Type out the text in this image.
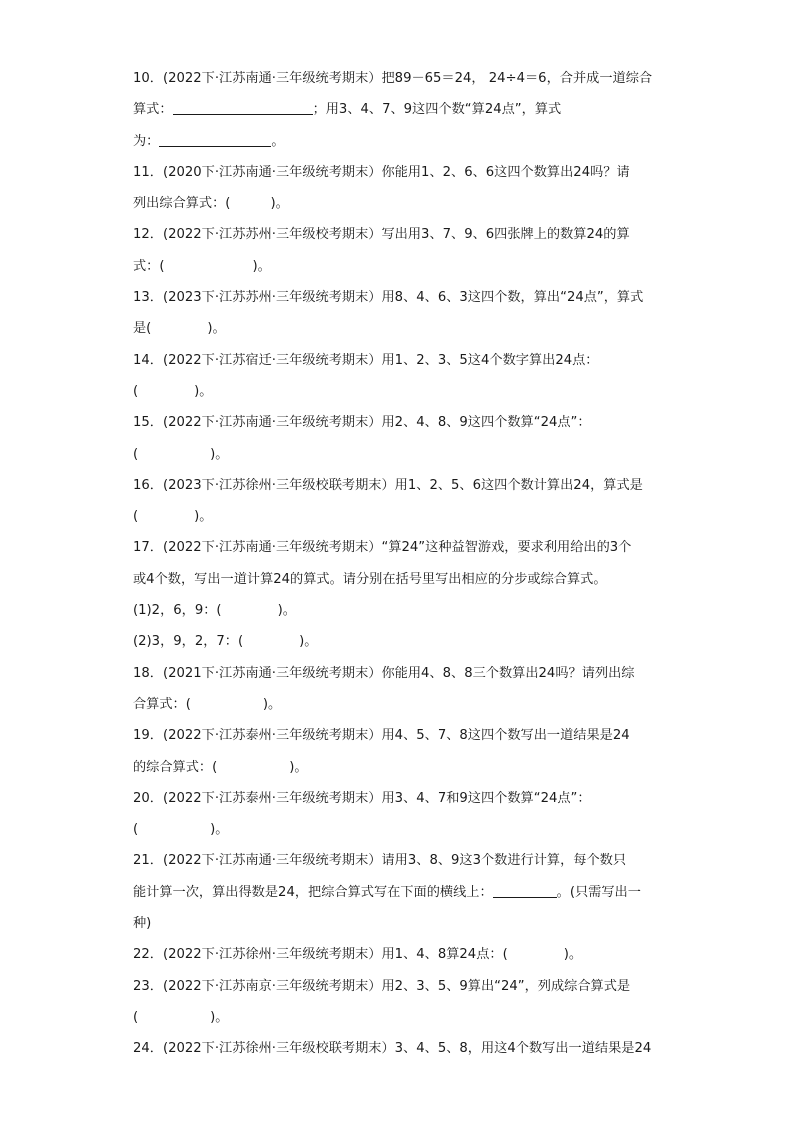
10．(2022下·江苏南通·三年级统考期末）把89－65＝24， 24÷4＝6，合并成一道综合
算式：	；用3、4、7、9这四个数“算24点”，算式
为：	。
11．(2020下·江苏南通·三年级统考期末）你能用1、2、6、6这四个数算出24吗？请
列出综合算式：(	)。
12．(2022下·江苏苏州·三年级校考期末）写出用3、7、9、6四张牌上的数算24的算
式：(	)。
13．(2023下·江苏苏州·三年级统考期末）用8、4、6、3这四个数，算出“24点”，算式
是(	)。
14．(2022下·江苏宿迁·三年级统考期末）用1、2、3、5这4个数字算出24点：
(	)。
15．(2022下·江苏南通·三年级统考期末）用2、4、8、9这四个数算“24点”：
(	)。
16．(2023下·江苏徐州·三年级校联考期末）用1、2、5、6这四个数计算出24，算式是
(	)。
17．(2022下·江苏南通·三年级统考期末）“算24”这种益智游戏，要求利用给出的3个
或4个数，写出一道计算24的算式。请分别在括号里写出相应的分步或综合算式。
(1)2，6，9：(	)。
(2)3，9，2，7：(	)。
18．(2021下·江苏南通·三年级统考期末）你能用4、8、8三个数算出24吗？请列出综
合算式：(	)。
19．(2022下·江苏泰州·三年级统考期末）用4、5、7、8这四个数写出一道结果是24
的综合算式：(	)。
20．(2022下·江苏泰州·三年级统考期末）用3、4、7和9这四个数算“24点”：
(	)。
21．(2022下·江苏南通·三年级统考期末）请用3、8、9这3个数进行计算，每个数只
能计算一次，算出得数是24，把综合算式写在下面的横线上：	。(只需写出一
种)
22．(2022下·江苏徐州·三年级统考期末）用1、4、8算24点：(	)。
23．(2022下·江苏南京·三年级统考期末）用2、3、5、9算出“24”，列成综合算式是
(	)。
24．(2022下·江苏徐州·三年级校联考期末）3、4、5、8，用这4个数写出一道结果是24
